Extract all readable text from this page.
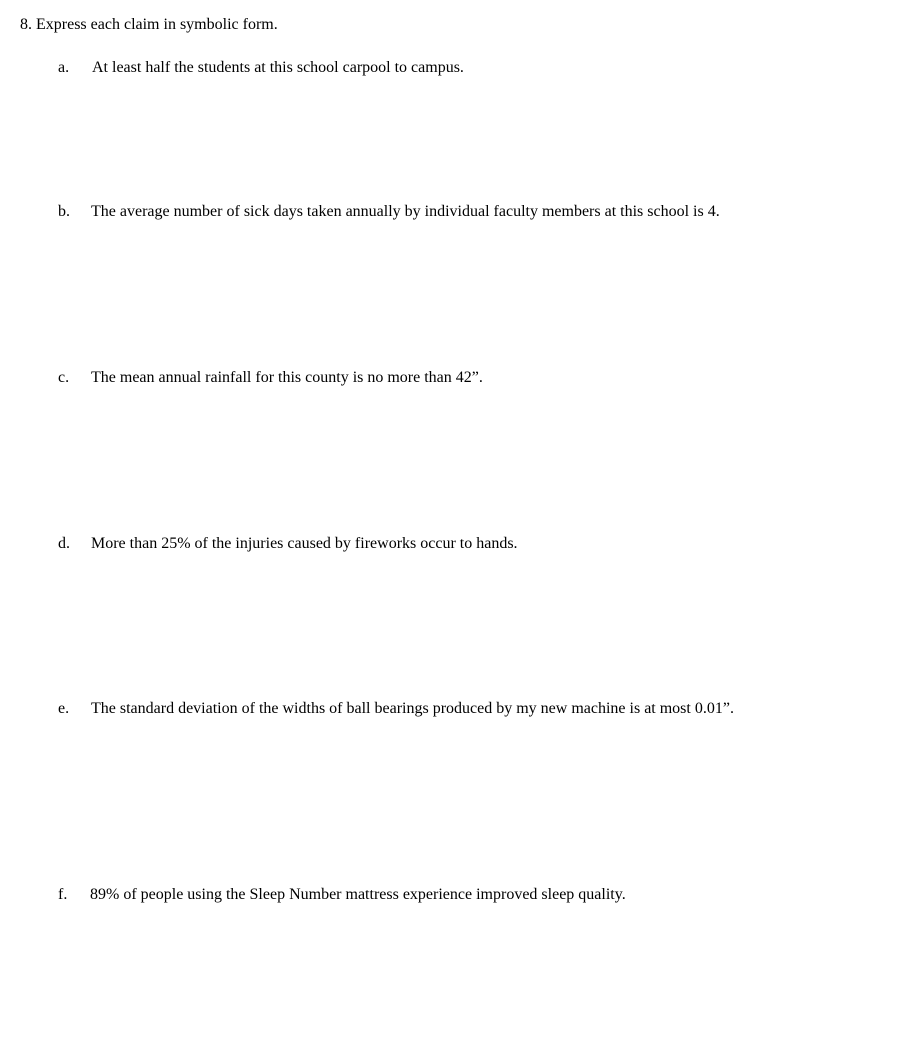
8. Express each claim in symbolic form.
a. At least half the students at this school carpool to campus.
b. The average number of sick days taken annually by individual faculty members at this school is 4.
c. The mean annual rainfall for this county is no more than 42”.
d. More than 25% of the injuries caused by fireworks occur to hands.
e. The standard deviation of the widths of ball bearings produced by my new machine is at most 0.01”.
f. 89% of people using the Sleep Number mattress experience improved sleep quality.
